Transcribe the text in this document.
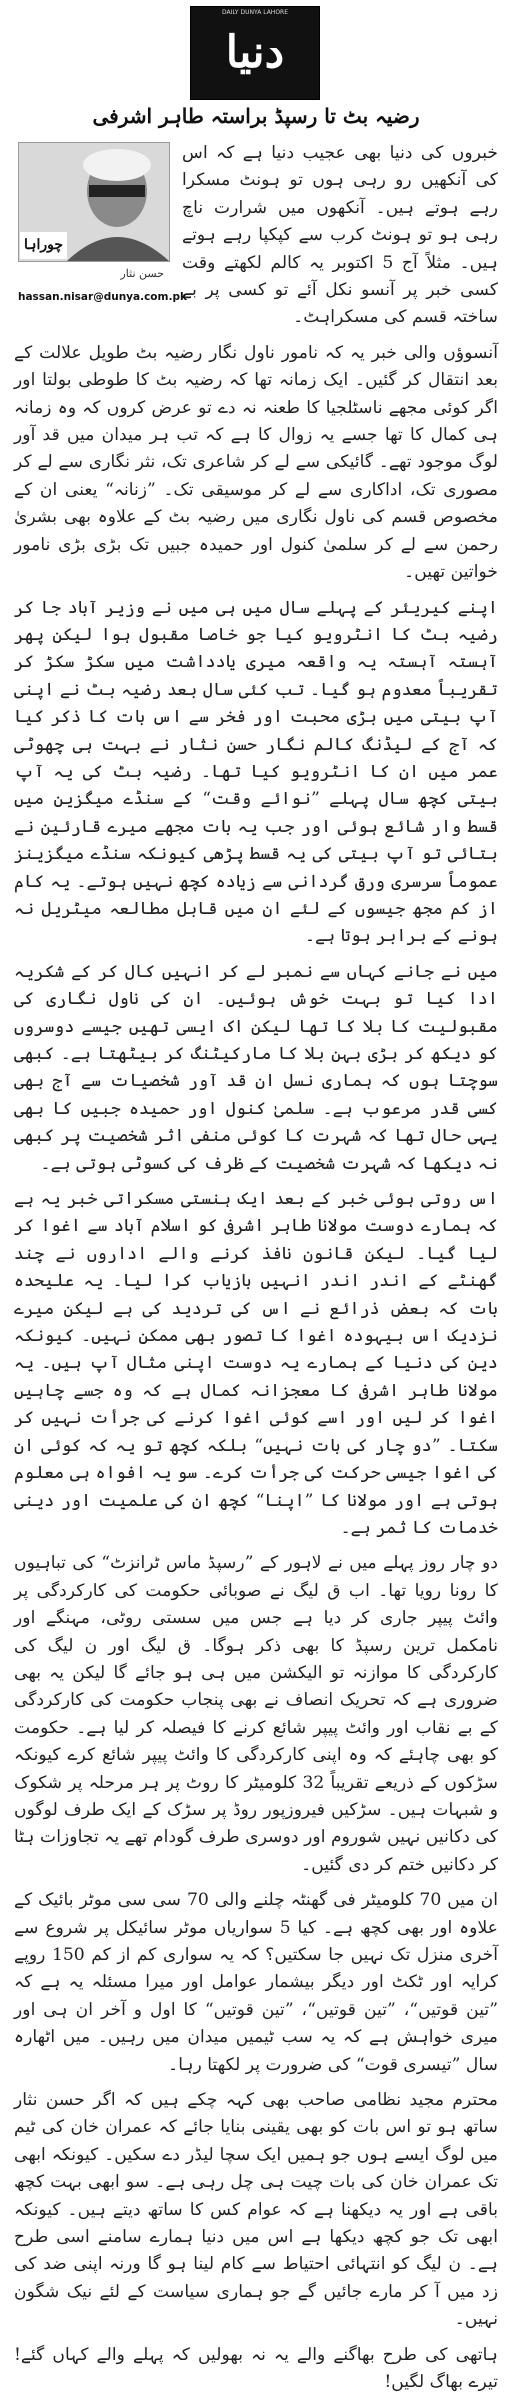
DAILY DUNYA LAHORE
دنیا
رضیہ بٹ تا رسپڈ براستہ طاہر اشرفی
چوراہا
حسن نثار
hassan.nisar@dunya.com.pk

خبروں کی دنیا بھی عجیب دنیا ہے کہ اس کی آنکھیں رو رہی ہوں تو ہونٹ مسکرا رہے ہوتے ہیں۔ آنکھوں میں شرارت ناچ رہی ہو تو ہونٹ کرب سے کپکپا رہے ہوتے ہیں۔ مثلاً آج 5 اکتوبر یہ کالم لکھتے وقت کسی خبر پر آنسو نکل آئے تو کسی پر بے ساختہ قسم کی مسکراہٹ۔

آنسوؤں والی خبر یہ کہ نامور ناول نگار رضیہ بٹ طویل علالت کے بعد انتقال کر گئیں۔ ایک زمانہ تھا کہ رضیہ بٹ کا طوطی بولتا اور اگر کوئی مجھے ناسٹلجیا کا طعنہ نہ دے تو عرض کروں کہ وہ زمانہ ہی کمال کا تھا جسے یہ زوال کا ہے کہ تب ہر میدان میں قد آور لوگ موجود تھے۔ گائیکی سے لے کر شاعری تک، نثر نگاری سے لے کر مصوری تک، اداکاری سے لے کر موسیقی تک۔ ”زنانہ“ یعنی ان کے مخصوص قسم کی ناول نگاری میں رضیہ بٹ کے علاوہ بھی بشریٰ رحمن سے لے کر سلمیٰ کنول اور حمیدہ جبیں تک بڑی بڑی نامور خواتین تھیں۔

اپنے کیریئر کے پہلے سال میں ہی میں نے وزیر آباد جا کر رضیہ بٹ کا انٹرویو کیا جو خاصا مقبول ہوا لیکن پھر آہستہ آہستہ یہ واقعہ میری یادداشت میں سکڑ سکڑ کر تقریباً معدوم ہو گیا۔ تب کئی سال بعد رضیہ بٹ نے اپنی آپ بیتی میں بڑی محبت اور فخر سے اس بات کا ذکر کیا کہ آج کے لیڈنگ کالم نگار حسن نثار نے بہت ہی چھوٹی عمر میں ان کا انٹرویو کیا تھا۔ رضیہ بٹ کی یہ آپ بیتی کچھ سال پہلے ”نوائے وقت“ کے سنڈے میگزین میں قسط وار شائع ہوئی اور جب یہ بات مجھے میرے قارئین نے بتائی تو آپ بیتی کی یہ قسط پڑھی کیونکہ سنڈے میگزینز عموماً سرسری ورق گردانی سے زیادہ کچھ نہیں ہوتے۔ یہ کام از کم مجھ جیسوں کے لئے ان میں قابل مطالعہ میٹریل نہ ہونے کے برابر ہوتا ہے۔

میں نے جانے کہاں سے نمبر لے کر انہیں کال کر کے شکریہ ادا کیا تو بہت خوش ہوئیں۔ ان کی ناول نگاری کی مقبولیت کا بلا کا تھا لیکن اک ایسی تھیں جیسے دوسروں کو دیکھ کر بڑی بہن بلا کا مارکیٹنگ کر بیٹھتا ہے۔ کبھی سوچتا ہوں کہ ہماری نسل ان قد آور شخصیات سے آج بھی کسی قدر مرعوب ہے۔ سلمیٰ کنول اور حمیدہ جبیں کا بھی یہی حال تھا کہ شہرت کا کوئی منفی اثر شخصیت پر کبھی نہ دیکھا کہ شہرت شخصیت کے ظرف کی کسوٹی ہوتی ہے۔

اس روتی ہوئی خبر کے بعد ایک ہنستی مسکراتی خبر یہ ہے کہ ہمارے دوست مولانا طاہر اشرفی کو اسلام آباد سے اغوا کر لیا گیا۔ لیکن قانون نافذ کرنے والے اداروں نے چند گھنٹے کے اندر اندر انہیں بازیاب کرا لیا۔ یہ علیحدہ بات کہ بعض ذرائع نے اس کی تردید کی ہے لیکن میرے نزدیک اس بیہودہ اغوا کا تصور بھی ممکن نہیں۔ کیونکہ دین کی دنیا کے ہمارے یہ دوست اپنی مثال آپ ہیں۔ یہ مولانا طاہر اشرفی کا معجزانہ کمال ہے کہ وہ جسے چاہیں اغوا کر لیں اور اسے کوئی اغوا کرنے کی جرأت نہیں کر سکتا۔ ”دو چار کی بات نہیں“ بلکہ کچھ تو یہ کہ کوئی ان کی اغوا جیسی حرکت کی جرأت کرے۔ سو یہ افواہ ہی معلوم ہوتی ہے اور مولانا کا ”اپنا“ کچھ ان کی علمیت اور دینی خدمات کا ثمر ہے۔

دو چار روز پہلے میں نے لاہور کے ”رسپڈ ماس ٹرانزٹ“ کی تباہیوں کا رونا رویا تھا۔ اب ق لیگ نے صوبائی حکومت کی کارکردگی پر وائٹ پیپر جاری کر دیا ہے جس میں سستی روٹی، مہنگے اور نامکمل ترین رسپڈ کا بھی ذکر ہوگا۔ ق لیگ اور ن لیگ کی کارکردگی کا موازنہ تو الیکشن میں ہی ہو جائے گا لیکن یہ بھی ضروری ہے کہ تحریک انصاف نے بھی پنجاب حکومت کی کارکردگی کے بے نقاب اور وائٹ پیپر شائع کرنے کا فیصلہ کر لیا ہے۔ حکومت کو بھی چاہئے کہ وہ اپنی کارکردگی کا وائٹ پیپر شائع کرے کیونکہ سڑکوں کے ذریعے تقریباً 32 کلومیٹر کا روٹ پر ہر مرحلہ پر شکوک و شبہات ہیں۔ سڑکیں فیروزپور روڈ پر سڑک کے ایک طرف لوگوں کی دکانیں نہیں شوروم اور دوسری طرف گودام تھے یہ تجاوزات ہٹا کر دکانیں ختم کر دی گئیں۔

ان میں 70 کلومیٹر فی گھنٹہ چلنے والی 70 سی سی موٹر بائیک کے علاوہ اور بھی کچھ ہے۔ کیا 5 سواریاں موٹر سائیکل پر شروع سے آخری منزل تک نہیں جا سکتیں؟ کہ یہ سواری کم از کم 150 روپے کرایہ اور ٹکٹ اور دیگر بیشمار عوامل اور میرا مسئلہ یہ ہے کہ ”تین قوتیں“، ”تین قوتیں“، ”تین قوتیں“ کا اول و آخر ان ہی اور میری خواہش ہے کہ یہ سب ٹیمیں میدان میں رہیں۔ میں اٹھارہ سال ”تیسری قوت“ کی ضرورت پر لکھتا رہا۔

محترم مجید نظامی صاحب بھی کہہ چکے ہیں کہ اگر حسن نثار ساتھ ہو تو اس بات کو بھی یقینی بنایا جائے کہ عمران خان کی ٹیم میں لوگ ایسے ہوں جو ہمیں ایک سچا لیڈر دے سکیں۔ کیونکہ ابھی تک عمران خان کی بات چیت ہی چل رہی ہے۔ سو ابھی بہت کچھ باقی ہے اور یہ دیکھنا ہے کہ عوام کس کا ساتھ دیتے ہیں۔ کیونکہ ابھی تک جو کچھ دیکھا ہے اس میں دنیا ہمارے سامنے اسی طرح ہے۔ ن لیگ کو انتہائی احتیاط سے کام لینا ہو گا ورنہ اپنی ضد کی زد میں آ کر مارے جائیں گے جو ہماری سیاست کے لئے نیک شگون نہیں۔

ہاتھی کی طرح بھاگنے والے یہ نہ بھولیں کہ پہلے والے کہاں گئے! تیرے بھاگ لگیں!
